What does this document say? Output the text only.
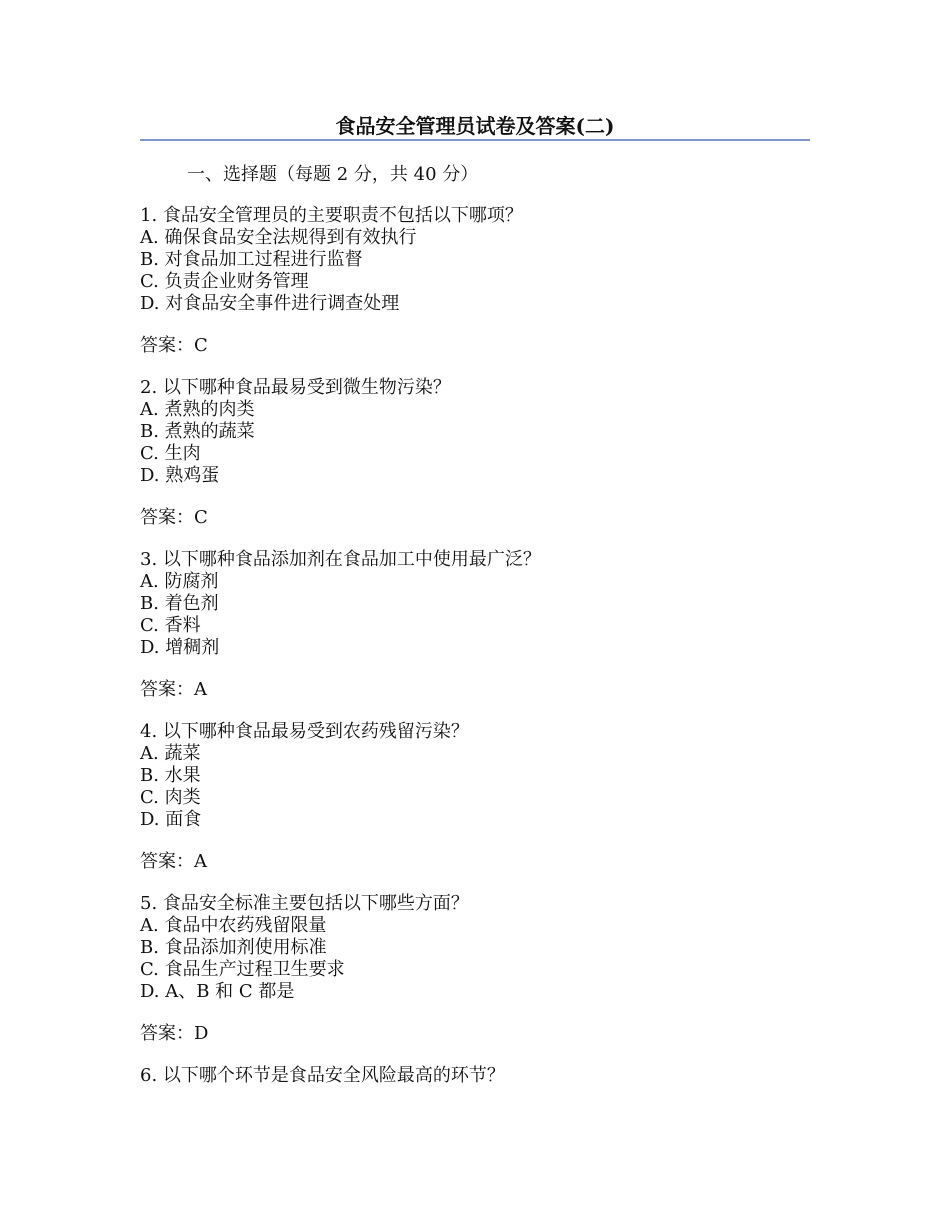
食品安全管理员试卷及答案(二)
一、选择题（每题 2 分，共 40 分）
1. 食品安全管理员的主要职责不包括以下哪项？
A. 确保食品安全法规得到有效执行
B. 对食品加工过程进行监督
C. 负责企业财务管理
D. 对食品安全事件进行调查处理
答案：C
2. 以下哪种食品最易受到微生物污染？
A. 煮熟的肉类
B. 煮熟的蔬菜
C. 生肉
D. 熟鸡蛋
答案：C
3. 以下哪种食品添加剂在食品加工中使用最广泛？
A. 防腐剂
B. 着色剂
C. 香料
D. 增稠剂
答案：A
4. 以下哪种食品最易受到农药残留污染？
A. 蔬菜
B. 水果
C. 肉类
D. 面食
答案：A
5. 食品安全标准主要包括以下哪些方面？
A. 食品中农药残留限量
B. 食品添加剂使用标准
C. 食品生产过程卫生要求
D. A、B 和 C 都是
答案：D
6. 以下哪个环节是食品安全风险最高的环节？
